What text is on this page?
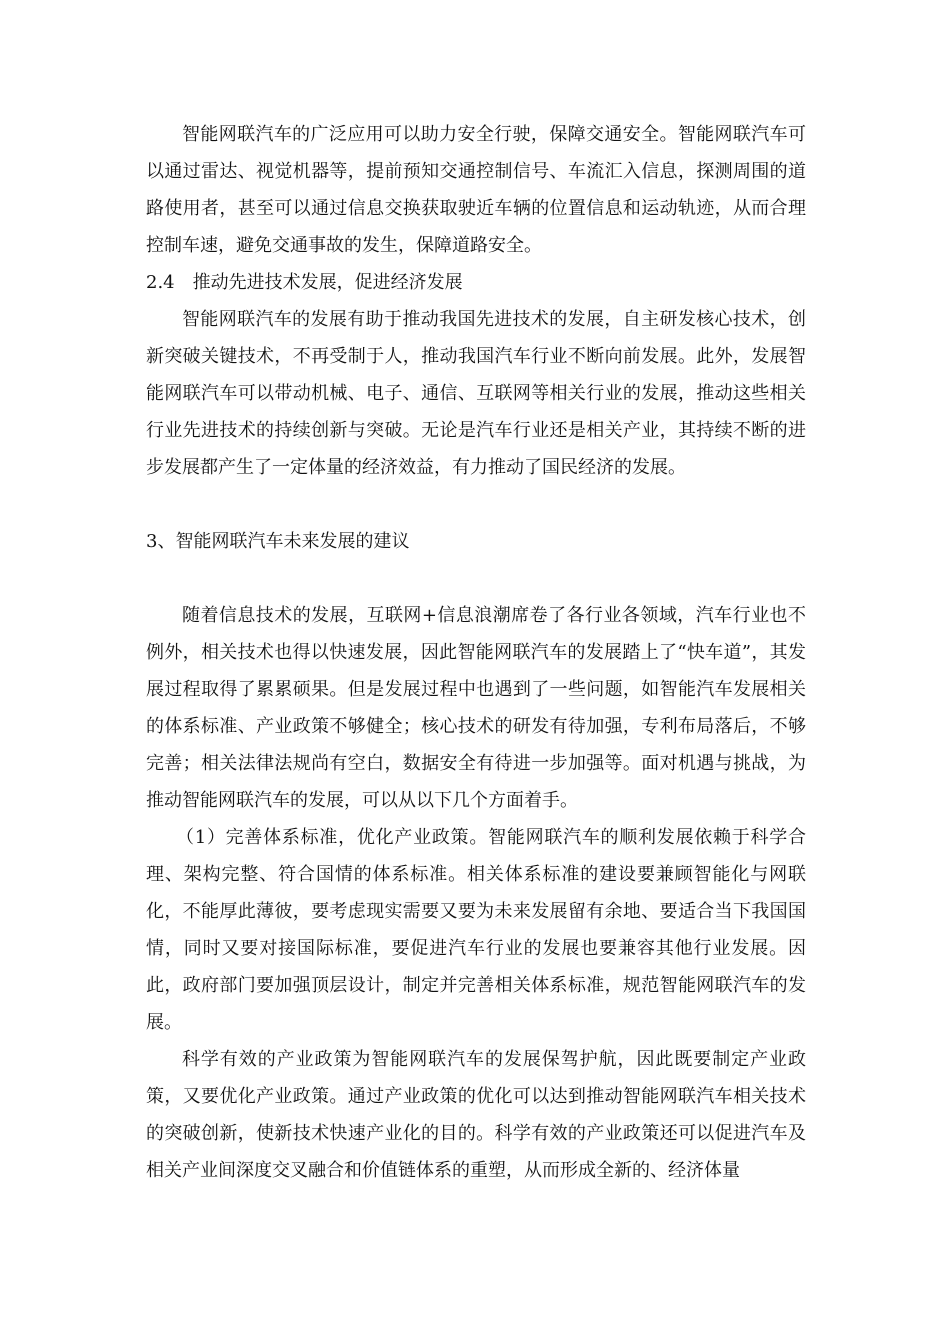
智能网联汽车的广泛应用可以助力安全行驶，保障交通安全。智能网联汽车可以通过雷达、视觉机器等，提前预知交通控制信号、车流汇入信息，探测周围的道路使用者，甚至可以通过信息交换获取驶近车辆的位置信息和运动轨迹，从而合理控制车速，避免交通事故的发生，保障道路安全。

2.4　推动先进技术发展，促进经济发展

智能网联汽车的发展有助于推动我国先进技术的发展，自主研发核心技术，创新突破关键技术，不再受制于人，推动我国汽车行业不断向前发展。此外，发展智能网联汽车可以带动机械、电子、通信、互联网等相关行业的发展，推动这些相关行业先进技术的持续创新与突破。无论是汽车行业还是相关产业，其持续不断的进步发展都产生了一定体量的经济效益，有力推动了国民经济的发展。

3、智能网联汽车未来发展的建议

随着信息技术的发展，互联网+信息浪潮席卷了各行业各领域，汽车行业也不例外，相关技术也得以快速发展，因此智能网联汽车的发展踏上了“快车道”，其发展过程取得了累累硕果。但是发展过程中也遇到了一些问题，如智能汽车发展相关的体系标准、产业政策不够健全；核心技术的研发有待加强，专利布局落后，不够完善；相关法律法规尚有空白，数据安全有待进一步加强等。面对机遇与挑战，为推动智能网联汽车的发展，可以从以下几个方面着手。

（1）完善体系标准，优化产业政策。智能网联汽车的顺利发展依赖于科学合理、架构完整、符合国情的体系标准。相关体系标准的建设要兼顾智能化与网联化，不能厚此薄彼，要考虑现实需要又要为未来发展留有余地、要适合当下我国国情，同时又要对接国际标准，要促进汽车行业的发展也要兼容其他行业发展。因此，政府部门要加强顶层设计，制定并完善相关体系标准，规范智能网联汽车的发展。

科学有效的产业政策为智能网联汽车的发展保驾护航，因此既要制定产业政策，又要优化产业政策。通过产业政策的优化可以达到推动智能网联汽车相关技术的突破创新，使新技术快速产业化的目的。科学有效的产业政策还可以促进汽车及相关产业间深度交叉融合和价值链体系的重塑，从而形成全新的、经济体量
